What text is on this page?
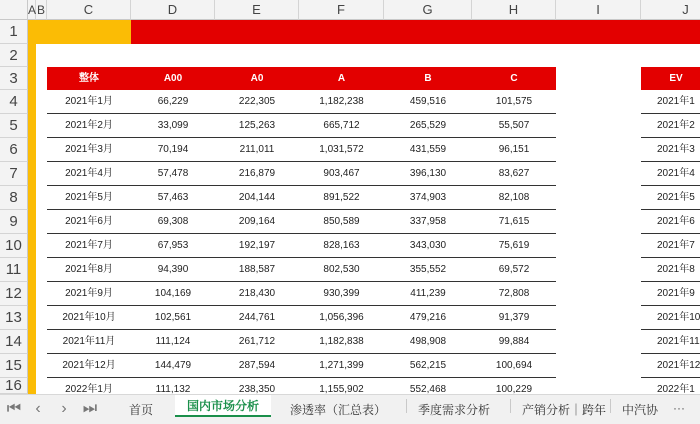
A B	C	D	E	F	G	H	I	J
1
2
3
4
5
6
7
8
9
10
11
12
13
14
15
16
整体	A00	A0	A	B	C
2021年1月	66,229	222,305	1,182,238	459,516	101,575
2021年2月	33,099	125,263	665,712	265,529	55,507
2021年3月	70,194	211,011	1,031,572	431,559	96,151
2021年4月	57,478	216,879	903,467	396,130	83,627
2021年5月	57,463	204,144	891,522	374,903	82,108
2021年6月	69,308	209,164	850,589	337,958	71,615
2021年7月	67,953	192,197	828,163	343,030	75,619
2021年8月	94,390	188,587	802,530	355,552	69,572
2021年9月	104,169	218,430	930,399	411,239	72,808
2021年10月	102,561	244,761	1,056,396	479,216	91,379
2021年11月	111,124	261,712	1,182,838	498,908	99,884
2021年12月	144,479	287,594	1,271,399	562,215	100,694
2022年1月	111,132	238,350	1,155,902	552,468	100,229
EV
2021年1
2021年2
2021年3
2021年4
2021年5
2021年6
2021年7
2021年8
2021年9
2021年10
2021年11
2021年12
2022年1
⏮ ‹	›	⏭	首页	国内市场分析	渗透率（汇总表）	季度需求分析	产销分析｜跨年 中汽协 ···
